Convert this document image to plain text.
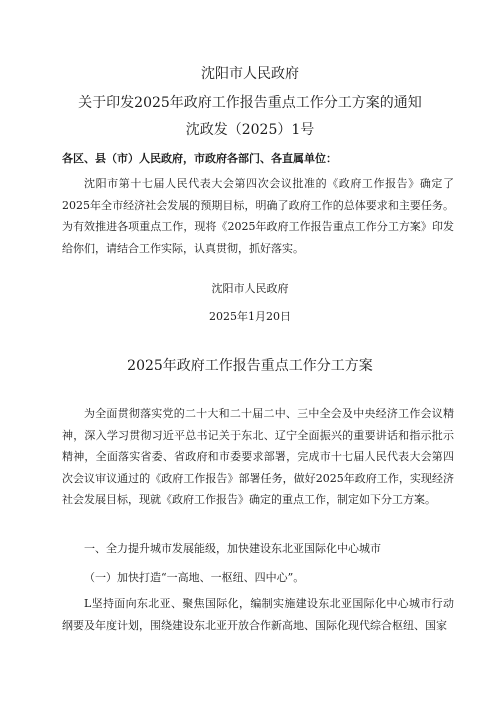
沈阳市人民政府

关于印发2025年政府工作报告重点工作分工方案的通知

沈政发（2025）1号

各区、县（市）人民政府，市政府各部门、各直属单位：

沈阳市第十七届人民代表大会第四次会议批准的《政府工作报告》确定了2025年全市经济社会发展的预期目标，明确了政府工作的总体要求和主要任务。为有效推进各项重点工作，现将《2025年政府工作报告重点工作分工方案》印发给你们，请结合工作实际，认真贯彻，抓好落实。

沈阳市人民政府

2025年1月20日

2025年政府工作报告重点工作分工方案

为全面贯彻落实党的二十大和二十届二中、三中全会及中央经济工作会议精神，深入学习贯彻习近平总书记关于东北、辽宁全面振兴的重要讲话和指示批示精神，全面落实省委、省政府和市委要求部署，完成市十七届人民代表大会第四次会议审议通过的《政府工作报告》部署任务，做好2025年政府工作，实现经济社会发展目标，现就《政府工作报告》确定的重点工作，制定如下分工方案。

一、全力提升城市发展能级，加快建设东北亚国际化中心城市

（一）加快打造“一高地、一枢纽、四中心”。

L坚持面向东北亚、聚焦国际化，编制实施建设东北亚国际化中心城市行动纲要及年度计划，围绕建设东北亚开放合作新高地、国际化现代综合枢纽、国家
